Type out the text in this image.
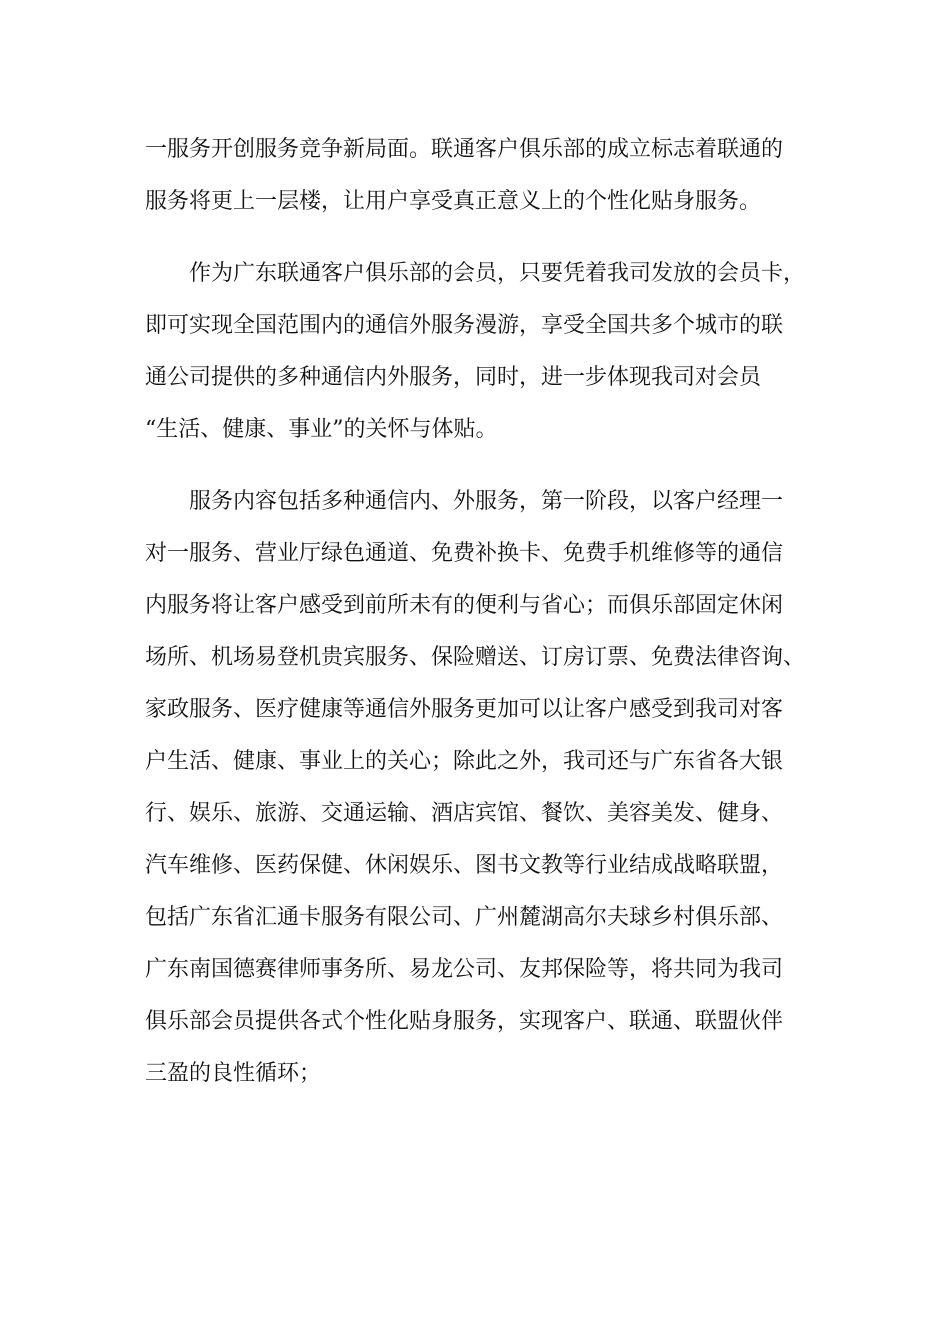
一服务开创服务竞争新局面。联通客户俱乐部的成立标志着联通的
服务将更上一层楼，让用户享受真正意义上的个性化贴身服务。
作为广东联通客户俱乐部的会员，只要凭着我司发放的会员卡，
即可实现全国范围内的通信外服务漫游，享受全国共多个城市的联
通公司提供的多种通信内外服务，同时，进一步体现我司对会员
“生活、健康、事业”的关怀与体贴。
服务内容包括多种通信内、外服务，第一阶段，以客户经理一
对一服务、营业厅绿色通道、免费补换卡、免费手机维修等的通信
内服务将让客户感受到前所未有的便利与省心；而俱乐部固定休闲
场所、机场易登机贵宾服务、保险赠送、订房订票、免费法律咨询、
家政服务、医疗健康等通信外服务更加可以让客户感受到我司对客
户生活、健康、事业上的关心；除此之外，我司还与广东省各大银
行、娱乐、旅游、交通运输、酒店宾馆、餐饮、美容美发、健身、
汽车维修、医药保健、休闲娱乐、图书文教等行业结成战略联盟，
包括广东省汇通卡服务有限公司、广州麓湖高尔夫球乡村俱乐部、
广东南国德赛律师事务所、易龙公司、友邦保险等，将共同为我司
俱乐部会员提供各式个性化贴身服务，实现客户、联通、联盟伙伴
三盈的良性循环；
